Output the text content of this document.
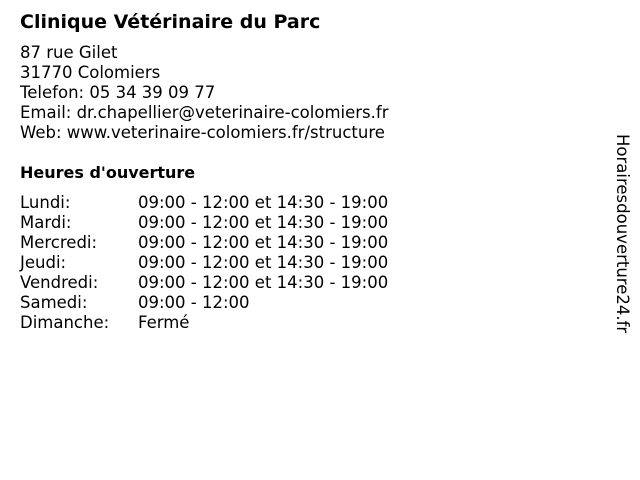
Clinique Vétérinaire du Parc
87 rue Gilet
31770 Colomiers
Telefon: 05 34 39 09 77
Email: dr.chapellier@veterinaire-colomiers.fr
Web: www.veterinaire-colomiers.fr/structure
Heures d'ouverture
Lundi:	09:00 - 12:00 et 14:30 - 19:00
Mardi:	09:00 - 12:00 et 14:30 - 19:00
Mercredi:	09:00 - 12:00 et 14:30 - 19:00
Jeudi:	09:00 - 12:00 et 14:30 - 19:00
Vendredi:	09:00 - 12:00 et 14:30 - 19:00
Samedi:	09:00 - 12:00
Dimanche:	Fermé	Horairesdouverture24.fr
